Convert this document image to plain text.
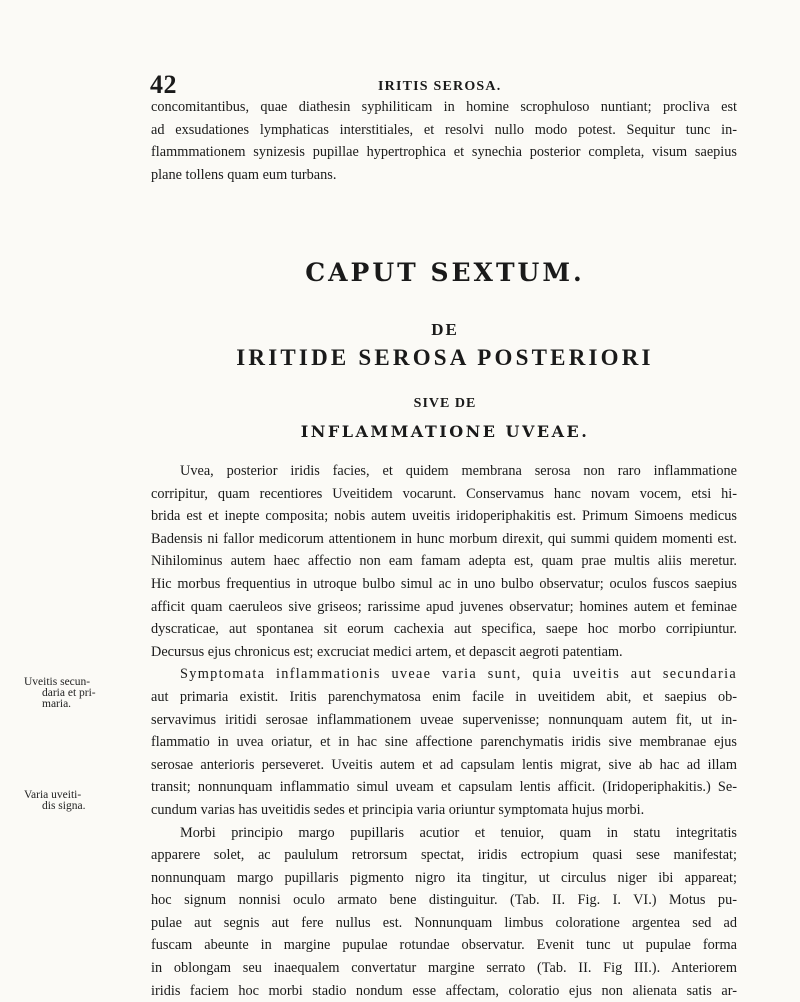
42	IRITIS SEROSA.
concomitantibus, quae diathesin syphiliticam in homine scrophuloso nuntiant; procliva est
ad exsudationes lymphaticas interstitiales, et resolvi nullo modo potest. Sequitur tunc in-
flammmationem synizesis pupillae hypertrophica et synechia posterior completa, visum saepius
plane tollens quam eum turbans.
CAPUT SEXTUM.
DE
IRITIDE SEROSA POSTERIORI
SIVE DE
INFLAMMATIONE UVEAE.
Uvea, posterior iridis facies, et quidem membrana serosa non raro inflammatione
corripitur, quam recentiores Uveitidem vocarunt. Conservamus hanc novam vocem, etsi hi-
brida est et inepte composita; nobis autem uveitis iridoperiphakitis est. Primum Simoens medicus
Badensis ni fallor medicorum attentionem in hunc morbum direxit, qui summi quidem momenti est.
Nihilominus autem haec affectio non eam famam adepta est, quam prae multis aliis meretur.
Hic morbus frequentius in utroque bulbo simul ac in uno bulbo observatur; oculos fuscos saepius
afficit quam caeruleos sive griseos; rarissime apud juvenes observatur; homines autem et feminae
dyscraticae, aut spontanea sit eorum cachexia aut specifica, saepe hoc morbo corripiuntur.
Decursus ejus chronicus est; excruciat medici artem, et depascit aegroti patentiam.
Symptomata inflammationis uveae varia sunt, quia uveitis aut secundaria
aut primaria existit. Iritis parenchymatosa enim facile in uveitidem abit, et saepius ob-
servavimus iritidi serosae inflammationem uveae supervenisse; nonnunquam autem fit, ut in-
flammatio in uvea oriatur, et in hac sine affectione parenchymatis iridis sive membranae ejus
serosae anterioris perseveret. Uveitis autem et ad capsulam lentis migrat, sive ab hac ad illam
transit; nonnunquam inflammatio simul uveam et capsulam lentis afficit. (Iridoperiphakitis.) Se-
cundum varias has uveitidis sedes et principia varia oriuntur symptomata hujus morbi.
Morbi principio margo pupillaris acutior et tenuior, quam in statu integritatis
apparere solet, ac paululum retrorsum spectat, iridis ectropium quasi sese manifestat;
nonnunquam margo pupillaris pigmento nigro ita tingitur, ut circulus niger ibi appareat;
hoc signum nonnisi oculo armato bene distinguitur. (Tab. II. Fig. I. VI.) Motus pu-
pulae aut segnis aut fere nullus est. Nonnunquam limbus coloratione argentea sed ad
fuscam abeunte in margine pupulae rotundae observatur. Evenit tunc ut pupulae forma
in oblongam seu inaequalem convertatur margine serrato (Tab. II. Fig III.). Anteriorem
iridis faciem hoc morbi stadio nondum esse affectam, coloratio ejus non alienata satis ar-
Uveitis secun-
daria et pri-
maria.
Varia uveiti-
dis signa.
